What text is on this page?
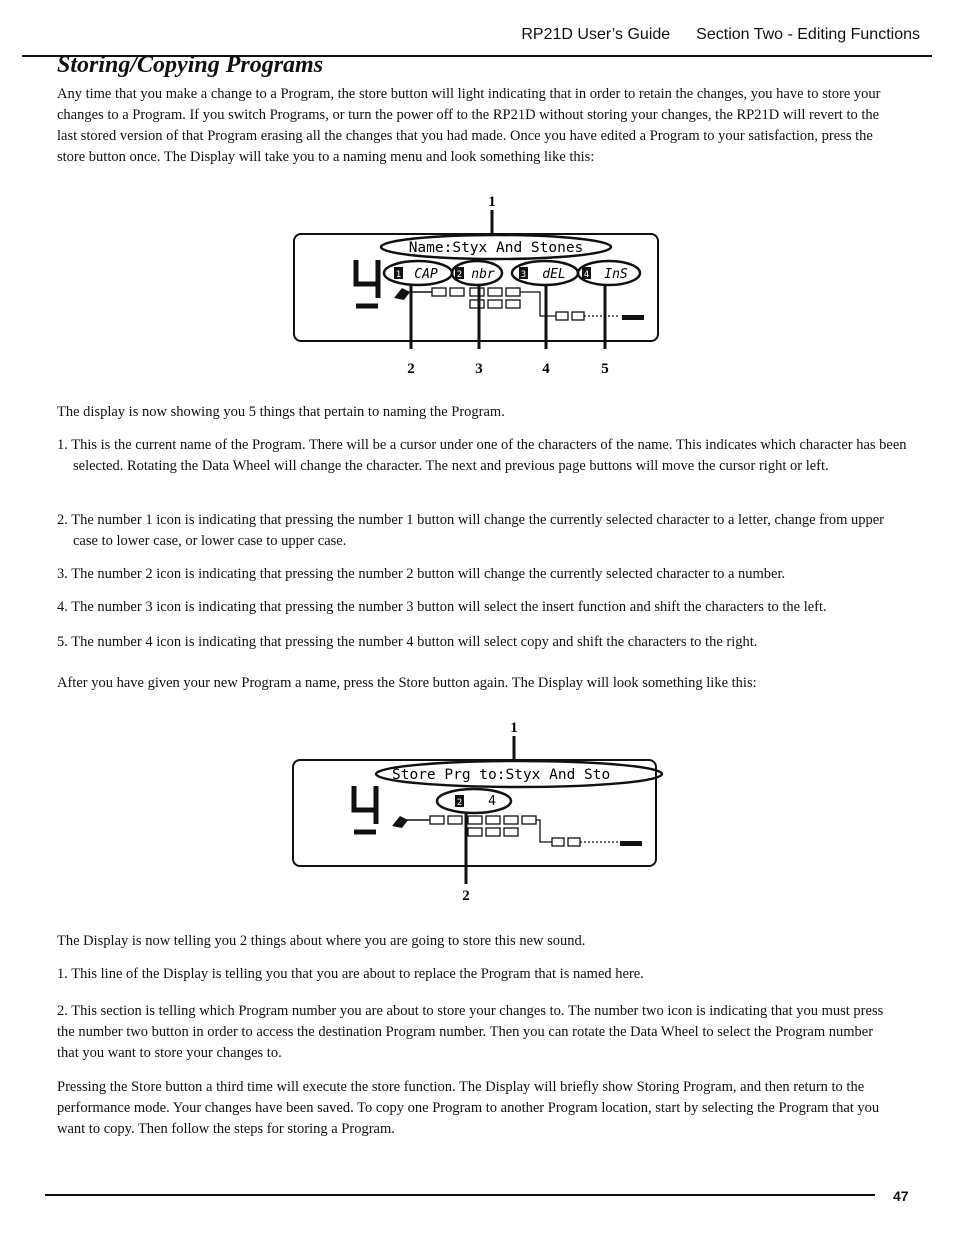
RP21D User’s Guide Section Two - Editing Functions
Storing/Copying Programs

Any time that you make a change to a Program, the store button will light indicating that in order to retain the changes, you have to store your changes to a Program. If you switch Programs, or turn the power off to the RP21D without storing your changes, the RP21D will revert to the last stored version of that Program erasing all the changes that you had made. Once you have edited a Program to your satisfaction, press the store button once. The Display will take you to a naming menu and look something like this:

Name:Styx And Stones
1 CAP 2 nbr	3 dEL 4 InS
1
2	3	4	5

The display is now showing you 5 things that pertain to naming the Program.

1. This is the current name of the Program. There will be a cursor under one of the characters of the name. This indicates which character has been selected. Rotating the Data Wheel will change the character. The next and previous page buttons will move the cursor right or left.

2. The number 1 icon is indicating that pressing the number 1 button will change the currently selected character to a letter, change from upper case to lower case, or lower case to upper case.

3. The number 2 icon is indicating that pressing the number 2 button will change the currently selected character to a number.

4. The number 3 icon is indicating that pressing the number 3 button will select the insert function and shift the characters to the left.

5. The number 4 icon is indicating that pressing the number 4 button will select copy and shift the characters to the right.

After you have given your new Program a name, press the Store button again. The Display will look something like this:

Store Prg to:Styx And Sto
2 4
1
2

The Display is now telling you 2 things about where you are going to store this new sound.

1. This line of the Display is telling you that you are about to replace the Program that is named here.

2. This section is telling which Program number you are about to store your changes to. The number two icon is indicating that you must press the number two button in order to access the destination Program number. Then you can rotate the Data Wheel to select the Program number that you want to store your changes to.

Pressing the Store button a third time will execute the store function. The Display will briefly show Storing Program, and then return to the performance mode. Your changes have been saved. To copy one Program to another Program location, start by selecting the Program that you want to copy. Then follow the steps for storing a Program.

47
